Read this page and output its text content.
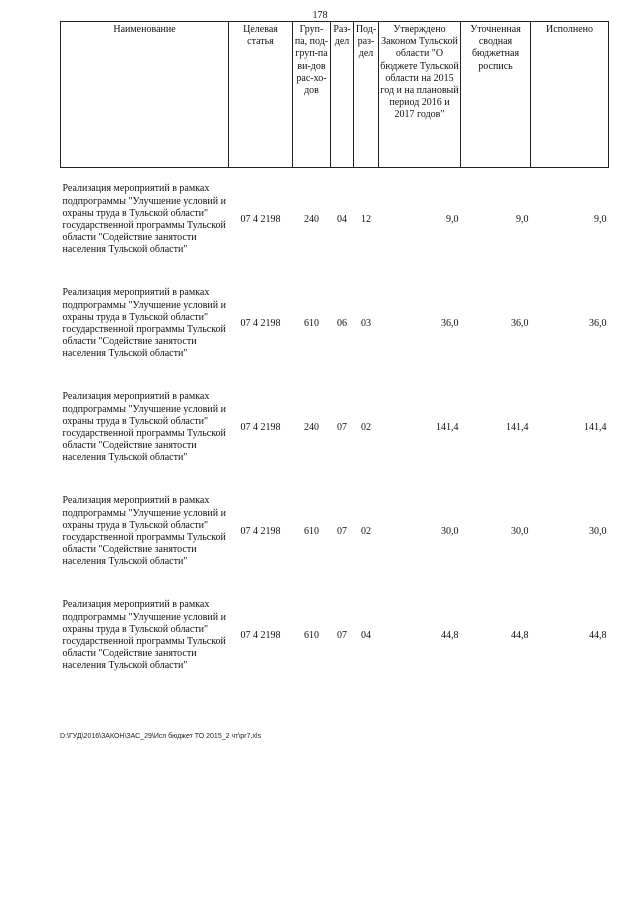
178
Наименование	Целевая статья	Груп-па, под-груп-па ви-дов рас-хо-дов	Раз-дел	Под-раз-дел	Утверждено Законом Тульской области "О бюджете Тульской области на 2015 год и на плановый период 2016 и 2017 годов"	Уточненная сводная бюджетная роспись	Исполнено
Реализация мероприятий в рамках подпрограммы "Улучшение условий и охраны труда в Тульской области" государственной программы Тульской области "Содействие занятости населения Тульской области"	07 4 2198	240	04	12	9,0	9,0	9,0
Реализация мероприятий в рамках подпрограммы "Улучшение условий и охраны труда в Тульской области" государственной программы Тульской области "Содействие занятости населения Тульской области"	07 4 2198	610	06	03	36,0	36,0	36,0
Реализация мероприятий в рамках подпрограммы "Улучшение условий и охраны труда в Тульской области" государственной программы Тульской области "Содействие занятости населения Тульской области"	07 4 2198	240	07	02	141,4	141,4	141,4
Реализация мероприятий в рамках подпрограммы "Улучшение условий и охраны труда в Тульской области" государственной программы Тульской области "Содействие занятости населения Тульской области"	07 4 2198	610	07	02	30,0	30,0	30,0
Реализация мероприятий в рамках подпрограммы "Улучшение условий и охраны труда в Тульской области" государственной программы Тульской области "Содействие занятости населения Тульской области"	07 4 2198	610	07	04	44,8	44,8	44,8
D:\ГУД\2016\ЗАКОН\ЗАС_29\Исп бюджет ТО 2015_2 чт\рг7.xls
